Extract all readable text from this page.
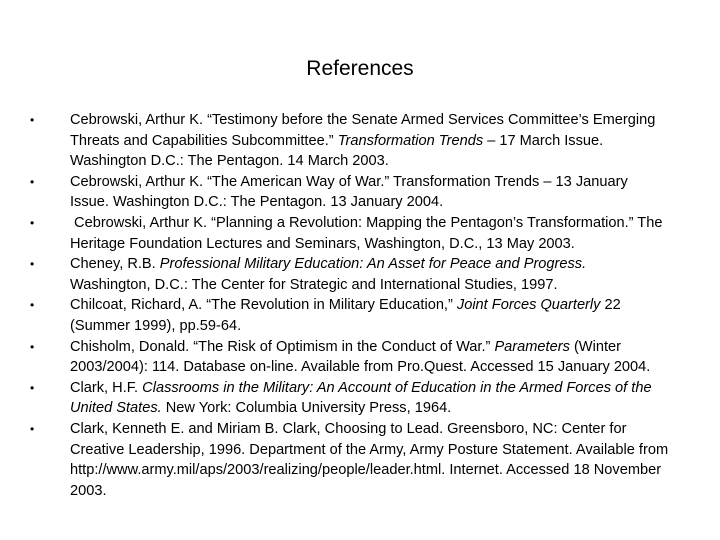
References
• Cebrowski, Arthur K. “Testimony before the Senate Armed Services Committee’s Emerging Threats and Capabilities Subcommittee.” Transformation Trends – 17 March Issue. Washington D.C.: The Pentagon. 14 March 2003.
• Cebrowski, Arthur K. “The American Way of War.” Transformation Trends – 13 January Issue. Washington D.C.: The Pentagon. 13 January 2004.
• Cebrowski, Arthur K. “Planning a Revolution: Mapping the Pentagon’s Transformation.” The Heritage Foundation Lectures and Seminars, Washington, D.C., 13 May 2003.
• Cheney, R.B. Professional Military Education: An Asset for Peace and Progress. Washington, D.C.: The Center for Strategic and International Studies, 1997.
• Chilcoat, Richard, A. “The Revolution in Military Education,” Joint Forces Quarterly 22 (Summer 1999), pp.59-64.
• Chisholm, Donald. “The Risk of Optimism in the Conduct of War.” Parameters (Winter 2003/2004): 114. Database on-line. Available from Pro.Quest. Accessed 15 January 2004.
• Clark, H.F. Classrooms in the Military: An Account of Education in the Armed Forces of the United States. New York: Columbia University Press, 1964.
• Clark, Kenneth E. and Miriam B. Clark, Choosing to Lead. Greensboro, NC: Center for Creative Leadership, 1996. Department of the Army, Army Posture Statement. Available from http://www.army.mil/aps/2003/realizing/people/leader.html. Internet. Accessed 18 November 2003.
